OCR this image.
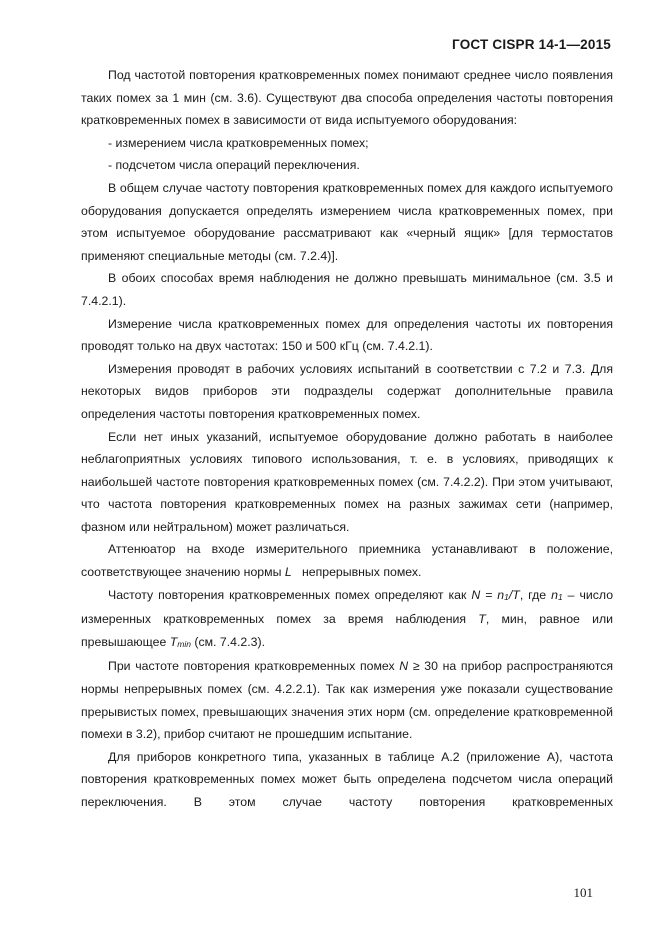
ГОСТ CISPR 14-1—2015

Под частотой повторения кратковременных помех понимают среднее число появления таких помех за 1 мин (см. 3.6). Существуют два способа определения частоты повторения кратковременных помех в зависимости от вида испытуемого оборудования:

- измерением числа кратковременных помех;

- подсчетом числа операций переключения.

В общем случае частоту повторения кратковременных помех для каждого испытуемого оборудования допускается определять измерением числа кратковременных помех, при этом испытуемое оборудование рассматривают как «черный ящик» [для термостатов применяют специальные методы (см. 7.2.4)].

В обоих способах время наблюдения не должно превышать минимальное (см. 3.5 и 7.4.2.1).

Измерение числа кратковременных помех для определения частоты их повторения проводят только на двух частотах: 150 и 500 кГц (см. 7.4.2.1).

Измерения проводят в рабочих условиях испытаний в соответствии с 7.2 и 7.3. Для некоторых видов приборов эти подразделы содержат дополнительные правила определения частоты повторения кратковременных помех.

Если нет иных указаний, испытуемое оборудование должно работать в наиболее неблагоприятных условиях типового использования, т. е. в условиях, приводящих к наибольшей частоте повторения кратковременных помех (см. 7.4.2.2). При этом учитывают, что частота повторения кратковременных помех на разных зажимах сети (например, фазном или нейтральном) может различаться.

Аттенюатор на входе измерительного приемника устанавливают в положение, соответствующее значению нормы L непрерывных помех.

Частоту повторения кратковременных помех определяют как $N = n_1/T$, где $n_1$ – число измеренных кратковременных помех за время наблюдения T, мин, равное или превышающее $T_{min}$ (см. 7.4.2.3).

При частоте повторения кратковременных помех N ≥ 30 на прибор распространяются нормы непрерывных помех (см. 4.2.2.1). Так как измерения уже показали существование прерывистых помех, превышающих значения этих норм (см. определение кратковременной помехи в 3.2), прибор считают не прошедшим испытание.

Для приборов конкретного типа, указанных в таблице А.2 (приложение А), частота повторения кратковременных помех может быть определена подсчетом числа операций переключения. В этом случае частоту повторения кратковременных

101
